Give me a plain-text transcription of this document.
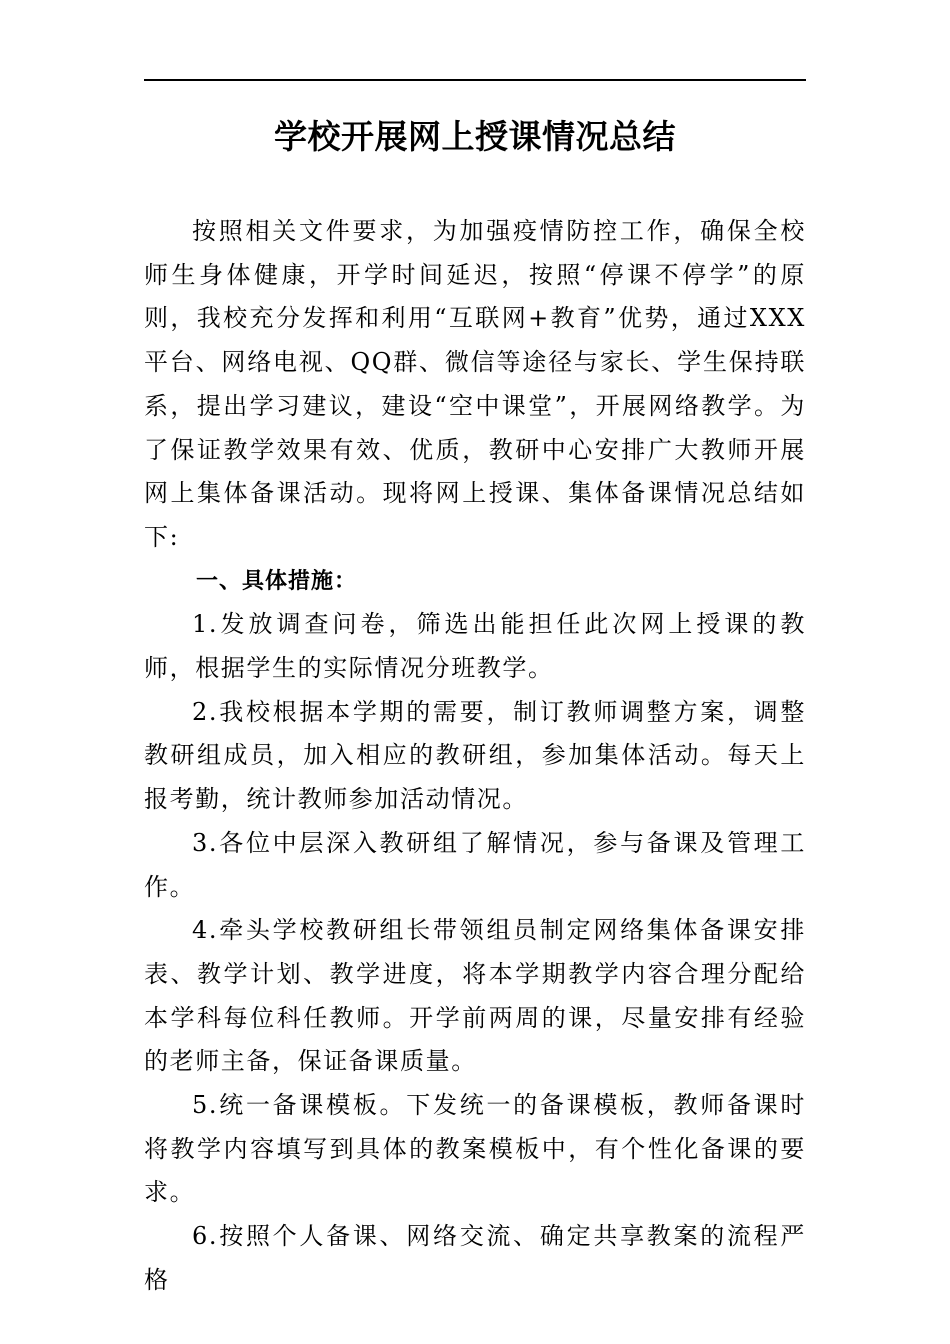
学校开展网上授课情况总结

按照相关文件要求，为加强疫情防控工作，确保全校师生身体健康，开学时间延迟，按照“停课不停学”的原则，我校充分发挥和利用“互联网+教育”优势，通过XXX平台、网络电视、QQ群、微信等途径与家长、学生保持联系，提出学习建议，建设“空中课堂”，开展网络教学。为了保证教学效果有效、优质，教研中心安排广大教师开展网上集体备课活动。现将网上授课、集体备课情况总结如下:

一、具体措施：

1.发放调查问卷，筛选出能担任此次网上授课的教师，根据学生的实际情况分班教学。

2.我校根据本学期的需要，制订教师调整方案，调整教研组成员，加入相应的教研组，参加集体活动。每天上报考勤，统计教师参加活动情况。

3.各位中层深入教研组了解情况，参与备课及管理工作。

4.牵头学校教研组长带领组员制定网络集体备课安排表、教学计划、教学进度，将本学期教学内容合理分配给本学科每位科任教师。开学前两周的课，尽量安排有经验的老师主备，保证备课质量。

5.统一备课模板。下发统一的备课模板，教师备课时将教学内容填写到具体的教案模板中，有个性化备课的要求。

6.按照个人备课、网络交流、确定共享教案的流程严格
